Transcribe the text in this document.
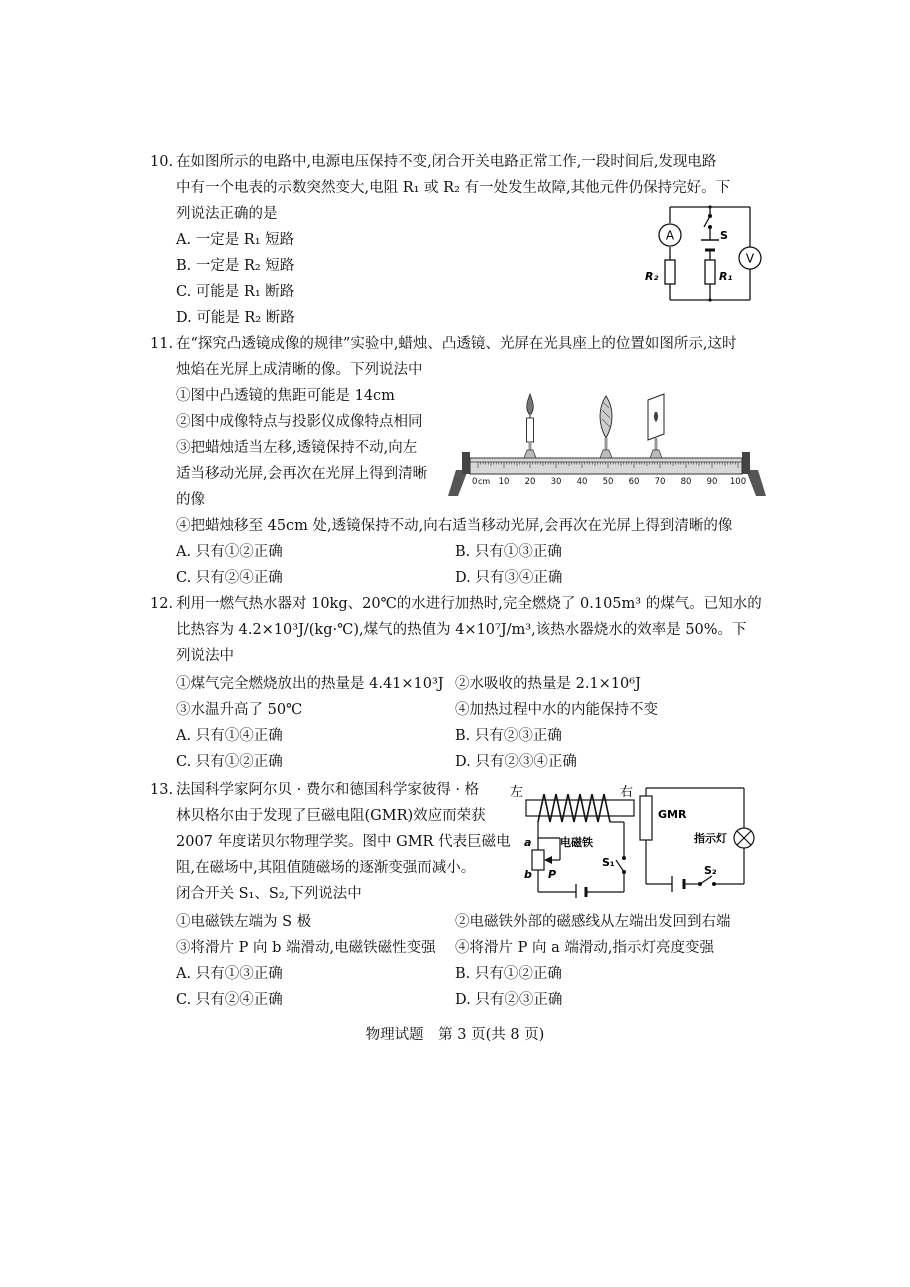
10. 在如图所示的电路中,电源电压保持不变,闭合开关电路正常工作,一段时间后,发现电路
中有一个电表的示数突然变大,电阻 R₁ 或 R₂ 有一处发生故障,其他元件仍保持完好。下
列说法正确的是
A. 一定是 R₁ 短路
B. 一定是 R₂ 短路
C. 可能是 R₁ 断路
D. 可能是 R₂ 断路
A
V
S
R₂	R₁
11. 在“探究凸透镜成像的规律”实验中,蜡烛、凸透镜、光屏在光具座上的位置如图所示,这时
烛焰在光屏上成清晰的像。下列说法中
①图中凸透镜的焦距可能是 14cm
②图中成像特点与投影仪成像特点相同
③把蜡烛适当左移,透镜保持不动,向左
适当移动光屏,会再次在光屏上得到清晰
的像
④把蜡烛移至 45cm 处,透镜保持不动,向右适当移动光屏,会再次在光屏上得到清晰的像
A. 只有①②正确	B. 只有①③正确
C. 只有②④正确	D. 只有③④正确
10 20 30 40 50 60 70 80 90 100
0 cm
12. 利用一燃气热水器对 10kg、20℃的水进行加热时,完全燃烧了 0.105m³ 的煤气。已知水的
比热容为 4.2×10³J/(kg·℃),煤气的热值为 4×10⁷J/m³,该热水器烧水的效率是 50%。下
列说法中
①煤气完全燃烧放出的热量是 4.41×10³J ②水吸收的热量是 2.1×10⁶J
③水温升高了 50℃	④加热过程中水的内能保持不变
A. 只有①④正确	B. 只有②③正确
C. 只有①②正确	D. 只有②③④正确
13. 法国科学家阿尔贝 · 费尔和德国科学家彼得 · 格
林贝格尔由于发现了巨磁电阻(GMR)效应而荣获
2007 年度诺贝尔物理学奖。图中 GMR 代表巨磁电
阻,在磁场中,其阻值随磁场的逐渐变强而减小。
闭合开关 S₁、S₂,下列说法中
①电磁铁左端为 S 极	②电磁铁外部的磁感线从左端出发回到右端
③将滑片 P 向 b 端滑动,电磁铁磁性变强 ④将滑片 P 向 a 端滑动,指示灯亮度变强
A. 只有①③正确	B. 只有①②正确
C. 只有②④正确	D. 只有②③正确
左	右
a
b P
电磁铁
S₁
GMR
指示灯
S₂
物理试题　第 3 页(共 8 页)
